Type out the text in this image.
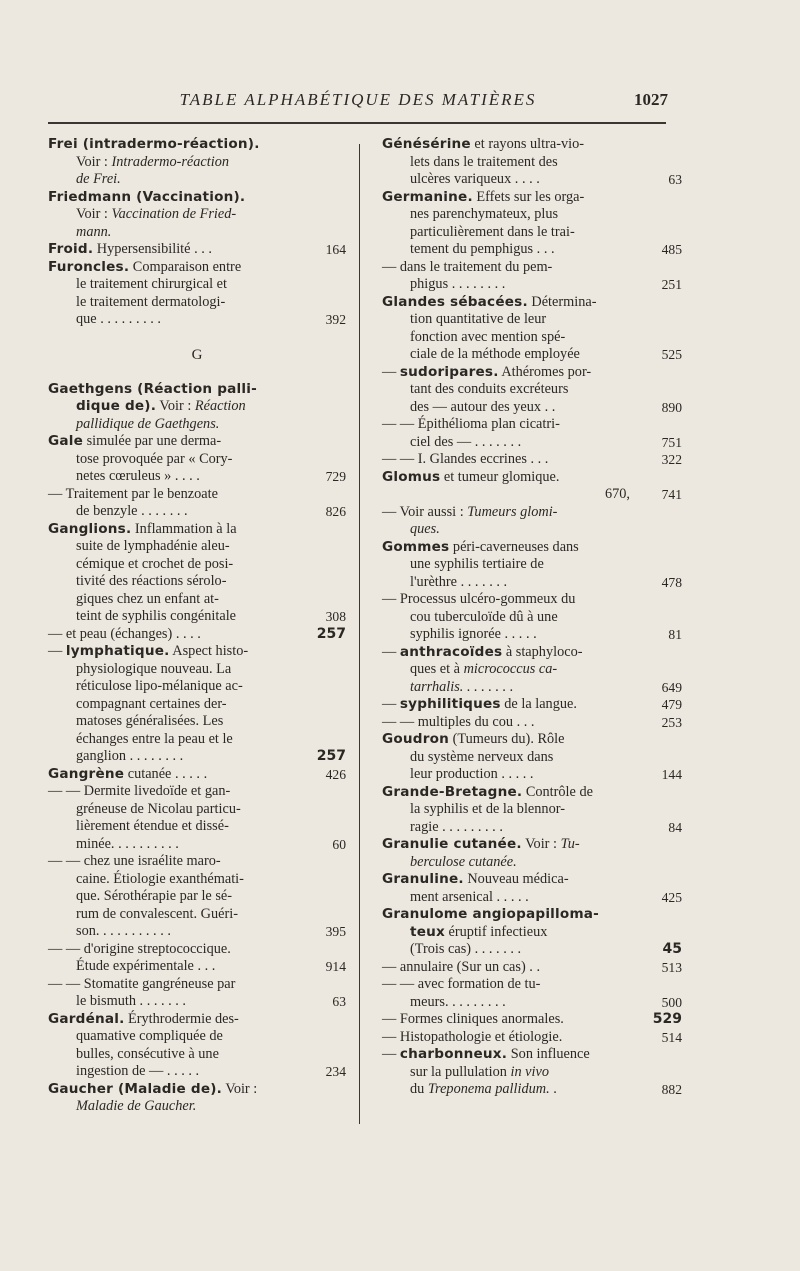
TABLE ALPHABÉTIQUE DES MATIÈRES	1027
Frei (intradermo-réaction).
Voir : Intradermo-réaction
de Frei.
Friedmann (Vaccination).
Voir : Vaccination de Fried-
mann.
Froid. Hypersensibilité . . .	164
Furoncles. Comparaison entre
le traitement chirurgical et
le traitement dermatologi-
que . . . . . . . . .	392
G
Gaethgens (Réaction palli-
dique de). Voir : Réaction
pallidique de Gaethgens.
Gale simulée par une derma-
tose provoquée par « Cory-
netes cœruleus » . . . .	729
— Traitement par le benzoate
de benzyle . . . . . . .	826
Ganglions. Inflammation à la
suite de lymphadénie aleu-
cémique et crochet de posi-
tivité des réactions sérolo-
giques chez un enfant at-
teint de syphilis congénitale	308
— et peau (échanges) . . . .	257
— lymphatique. Aspect histo-
physiologique nouveau. La
réticulose lipo-mélanique ac-
compagnant certaines der-
matoses généralisées. Les
échanges entre la peau et le
ganglion . . . . . . . .	257
Gangrène cutanée . . . . .	426
— — Dermite livedoïde et gan-
gréneuse de Nicolau particu-
lièrement étendue et dissé-
minée. . . . . . . . . .	60
— — chez une israélite maro-
caine. Étiologie exanthémati-
que. Sérothérapie par le sé-
rum de convalescent. Guéri-
son. . . . . . . . . . .	395
— — d'origine streptococcique.
Étude expérimentale . . .	914
— — Stomatite gangréneuse par
le bismuth . . . . . . .	63
Gardénal. Érythrodermie des-
quamative compliquée de
bulles, consécutive à une
ingestion de — . . . . .	234
Gaucher (Maladie de). Voir :
Maladie de Gaucher.
Génésérine et rayons ultra-vio-
lets dans le traitement des
ulcères variqueux . . . .	63
Germanine. Effets sur les orga-
nes parenchymateux, plus
particulièrement dans le trai-
tement du pemphigus . . .	485
— dans le traitement du pem-
phigus . . . . . . . .	251
Glandes sébacées. Détermina-
tion quantitative de leur
fonction avec mention spé-
ciale de la méthode employée	525
— sudoripares. Athéromes por-
tant des conduits excréteurs
des — autour des yeux . .	890
— — Épithélioma plan cicatri-
ciel des — . . . . . . .	751
— — I. Glandes eccrines . . .	322
Glomus et tumeur glomique.
670, 741
— Voir aussi : Tumeurs glomi-
ques.
Gommes péri-caverneuses dans
une syphilis tertiaire de
l'urèthre . . . . . . .	478
— Processus ulcéro-gommeux du
cou tuberculoïde dû à une
syphilis ignorée . . . . .	81
— anthracoïdes à staphyloco-
ques et à micrococcus ca-
tarrhalis. . . . . . . .	649
— syphilitiques de la langue.	479
— — multiples du cou . . .	253
Goudron (Tumeurs du). Rôle
du système nerveux dans
leur production . . . . .	144
Grande-Bretagne. Contrôle de
la syphilis et de la blennor-
ragie . . . . . . . . .	84
Granulie cutanée. Voir : Tu-
berculose cutanée.
Granuline. Nouveau médica-
ment arsenical . . . . .	425
Granulome angiopapilloma-
teux éruptif infectieux
(Trois cas) . . . . . . .	45
— annulaire (Sur un cas) . .	513
— — avec formation de tu-
meurs. . . . . . . . .	500
— Formes cliniques anormales.	529
— Histopathologie et étiologie.	514
— charbonneux. Son influence
sur la pullulation in vivo
du Treponema pallidum. .	882
